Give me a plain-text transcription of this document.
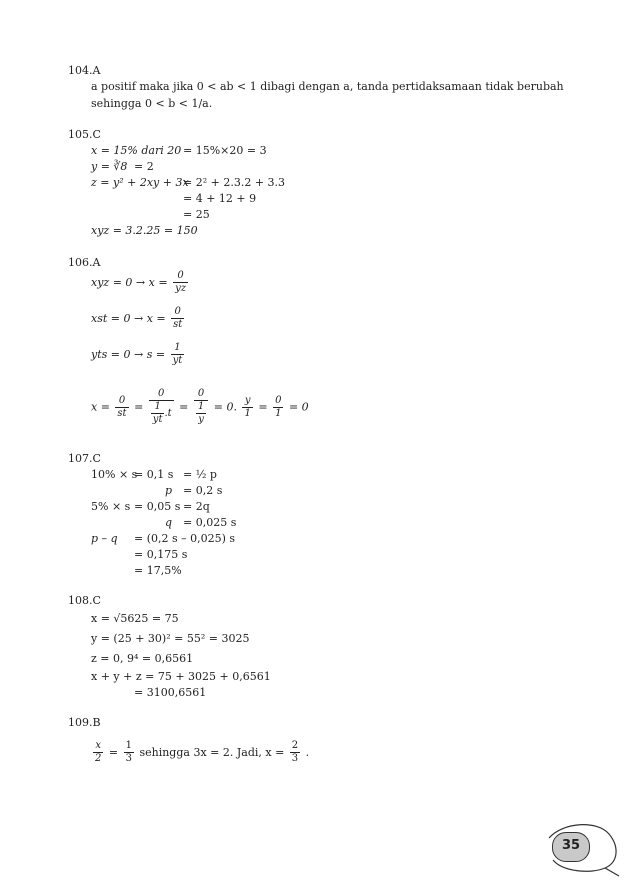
104.A
a positif maka jika 0 < ab < 1 dibagi dengan a, tanda pertidaksamaan tidak berubah
sehingga 0 < b < 1/a.
105.C
x = 15% dari 20 = 15%×20 = 3
y = ∛8 = 2
z = y² + 2xy + 3x
= 2² + 2.3.2 + 3.3
= 4 + 12 + 9
= 25
xyz = 3.2.25 = 150
106.A
xyz = $0 \to x = \frac{0}{yz}$
xst = $0 \to x = \frac{0}{st}$
yts = $0 \to s = \frac{1}{yt}$
$x = \frac{0}{st} = \frac{0}{\frac{1}{yt} .t} = \frac{0}{\frac{1}{y}} = 0$. $\frac{y}{1} = \frac{0}{1} = 0$
107.C
10% × s
= 0,1 s = ½ p
p = 0,2 s
5% × s = 0,05 s = 2q
q = 0,025 s
p – q = (0,2 s – 0,025) s
= 0,175 s
= 17,5%
108.C
x = √5625 = 75
y = (25 + 30)² = 55² = 3025
z = 0, 9⁴ = 0,6561
x + y + z = 75 + 3025 + 0,6561
= 3100,6561
109.B
$\frac{x}{2} = \frac{1}{3}$ sehingga 3x = 2. Jadi, $x = \frac{2}{3}$ .
35
